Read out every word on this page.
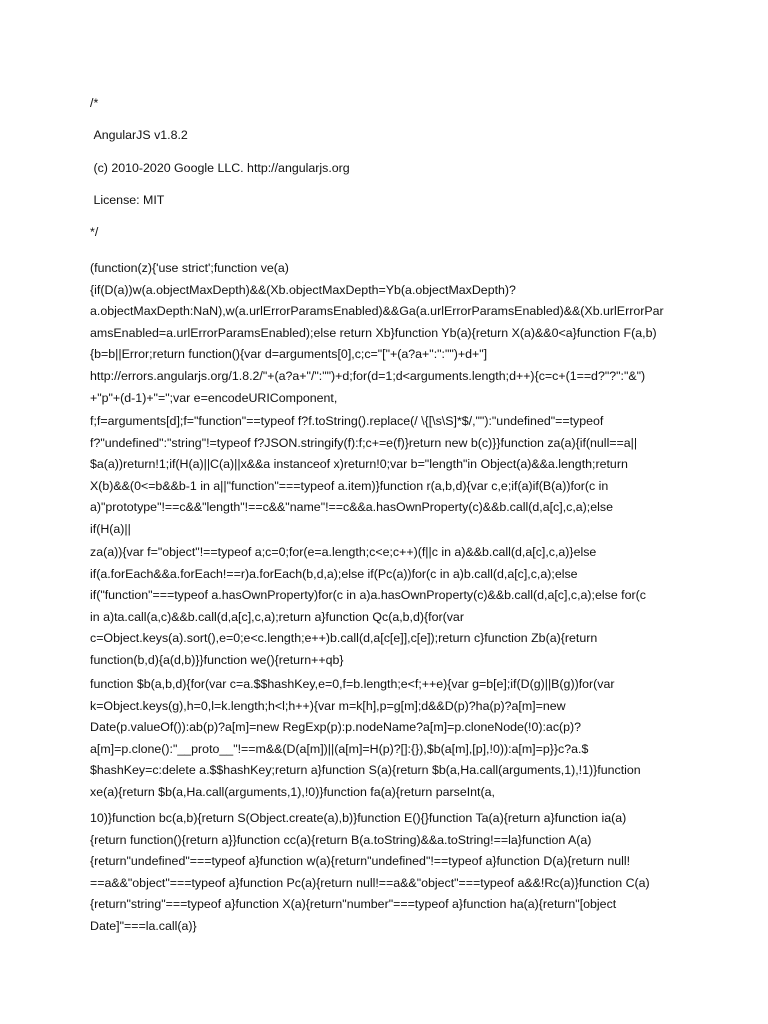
/*

AngularJS v1.8.2

(c) 2010-2020 Google LLC. http://angularjs.org

License: MIT

*/

(function(z){'use strict';function ve(a)
{if(D(a))w(a.objectMaxDepth)&&(Xb.objectMaxDepth=Yb(a.objectMaxDepth)?
a.objectMaxDepth:NaN),w(a.urlErrorParamsEnabled)&&Ga(a.urlErrorParamsEnabled)&&(Xb.urlErrorPar
amsEnabled=a.urlErrorParamsEnabled);else return Xb}function Yb(a){return X(a)&&0<a}function F(a,b)
{b=b||Error;return function(){var d=arguments[0],c;c="["+(a?a+":":"")+d+"]
http://errors.angularjs.org/1.8.2/"+(a?a+"/":"")+d;for(d=1;d<arguments.length;d++){c=c+(1==d?"?":"&")
+"p"+(d-1)+"=";var e=encodeURIComponent,

f;f=arguments[d];f="function"==typeof f?f.toString().replace(/ \{[\s\S]*$/,""):"undefined"==typeof
f?"undefined":"string"!=typeof f?JSON.stringify(f):f;c+=e(f)}return new b(c)}}function za(a){if(null==a||
$a(a))return!1;if(H(a)||C(a)||x&&a instanceof x)return!0;var b="length"in Object(a)&&a.length;return
X(b)&&(0<=b&&b-1 in a||"function"===typeof a.item)}function r(a,b,d){var c,e;if(a)if(B(a))for(c in
a)"prototype"!==c&&"length"!==c&&"name"!==c&&a.hasOwnProperty(c)&&b.call(d,a[c],c,a);else
if(H(a)||

za(a)){var f="object"!==typeof a;c=0;for(e=a.length;c<e;c++)(f||c in a)&&b.call(d,a[c],c,a)}else
if(a.forEach&&a.forEach!==r)a.forEach(b,d,a);else if(Pc(a))for(c in a)b.call(d,a[c],c,a);else
if("function"===typeof a.hasOwnProperty)for(c in a)a.hasOwnProperty(c)&&b.call(d,a[c],c,a);else for(c
in a)ta.call(a,c)&&b.call(d,a[c],c,a);return a}function Qc(a,b,d){for(var
c=Object.keys(a).sort(),e=0;e<c.length;e++)b.call(d,a[c[e]],c[e]);return c}function Zb(a){return
function(b,d){a(d,b)}}function we(){return++qb}

function $b(a,b,d){for(var c=a.$$hashKey,e=0,f=b.length;e<f;++e){var g=b[e];if(D(g)||B(g))for(var
k=Object.keys(g),h=0,l=k.length;h<l;h++){var m=k[h],p=g[m];d&&D(p)?ha(p)?a[m]=new
Date(p.valueOf()):ab(p)?a[m]=new RegExp(p):p.nodeName?a[m]=p.cloneNode(!0):ac(p)?
a[m]=p.clone():"__proto__"!==m&&(D(a[m])||(a[m]=H(p)?[]:{}),$b(a[m],[p],!0)):a[m]=p}}c?a.$
$hashKey=c:delete a.$$hashKey;return a}function S(a){return $b(a,Ha.call(arguments,1),!1)}function
xe(a){return $b(a,Ha.call(arguments,1),!0)}function fa(a){return parseInt(a,

10)}function bc(a,b){return S(Object.create(a),b)}function E(){}function Ta(a){return a}function ia(a)
{return function(){return a}}function cc(a){return B(a.toString)&&a.toString!==la}function A(a)
{return"undefined"===typeof a}function w(a){return"undefined"!==typeof a}function D(a){return null!
==a&&"object"===typeof a}function Pc(a){return null!==a&&"object"===typeof a&&!Rc(a)}function C(a)
{return"string"===typeof a}function X(a){return"number"===typeof a}function ha(a){return"[object
Date]"===la.call(a)}
